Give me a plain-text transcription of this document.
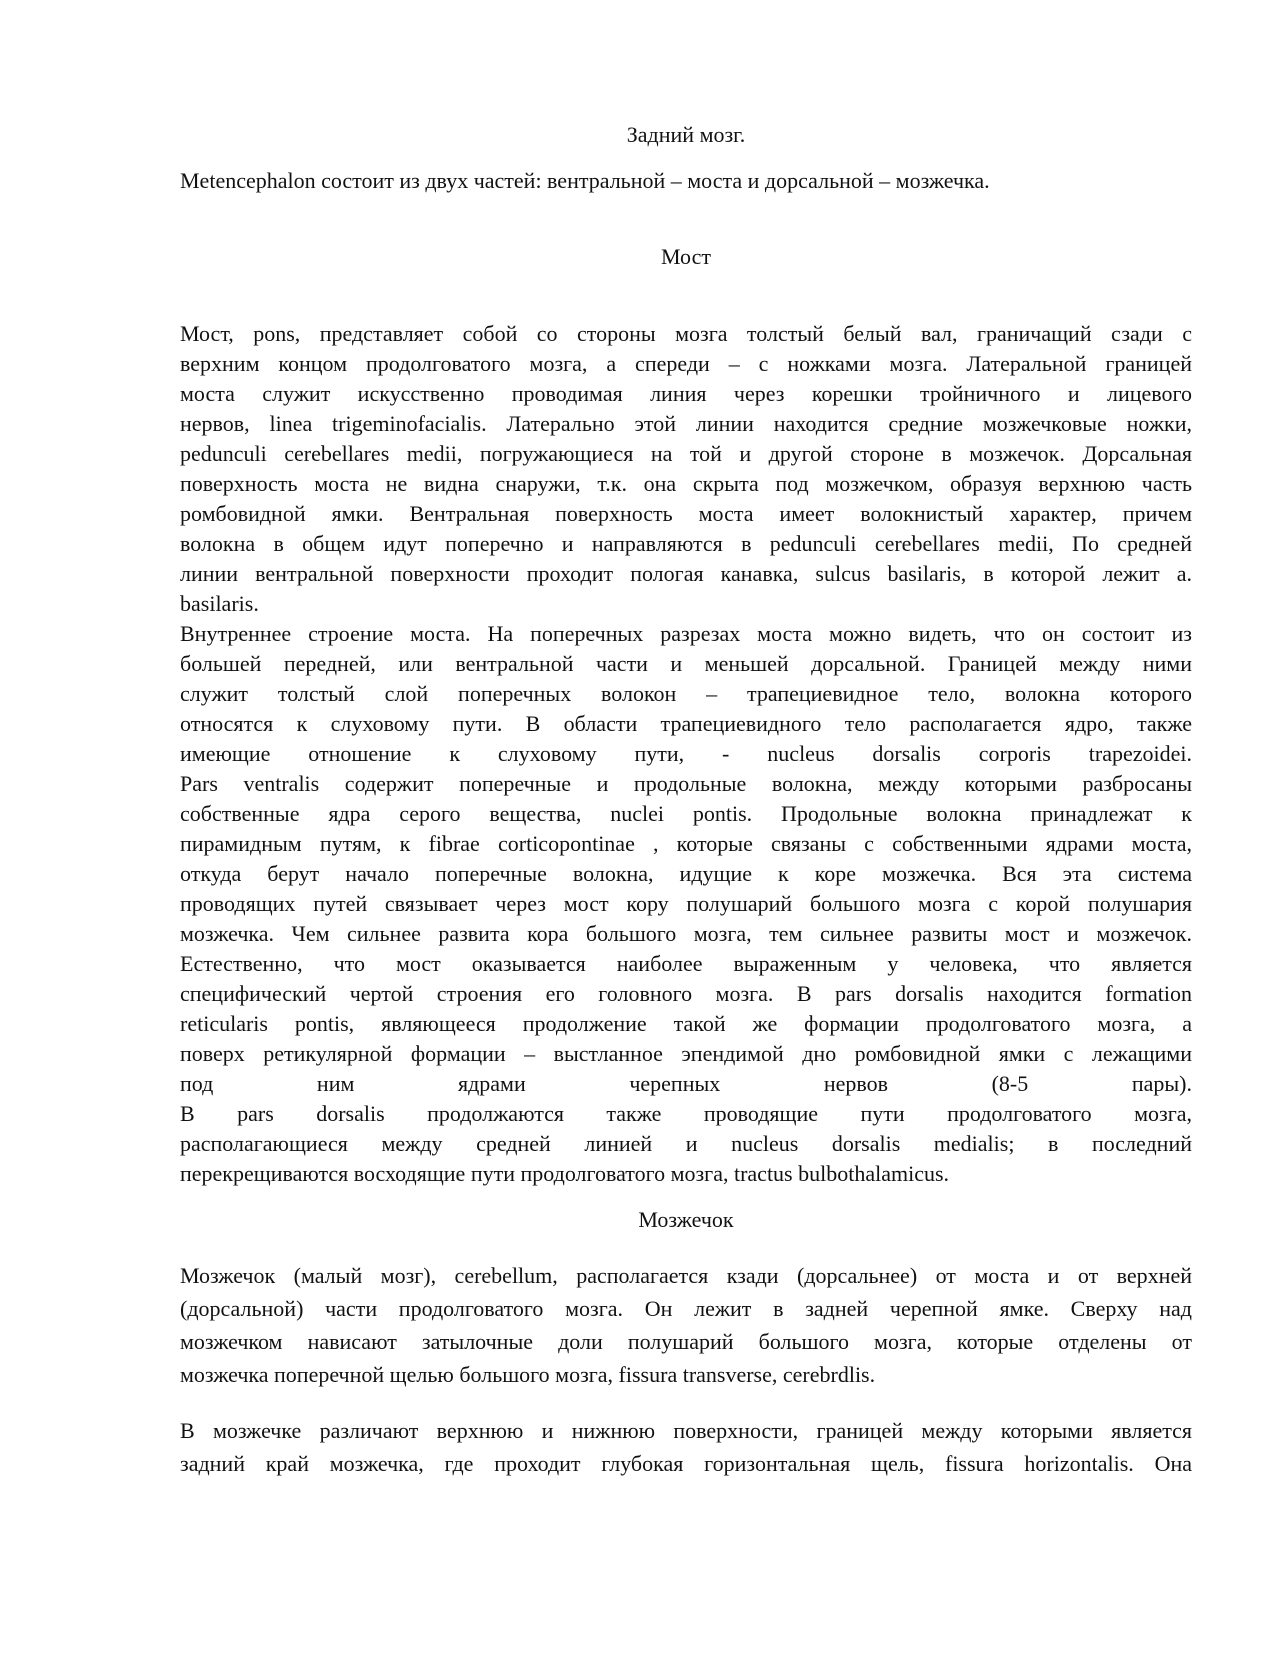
Задний мозг.
Metencephalon состоит из двух частей: вентральной – моста и дорсальной – мозжечка.
Мост
Мост, pons, представляет собой со стороны мозга толстый белый вал, граничащий сзади с
верхним концом продолговатого мозга, а спереди – с ножками мозга. Латеральной границей
моста служит искусственно проводимая линия через корешки тройничного и лицевого
нервов, linea trigeminofacialis. Латерально этой линии находится средние мозжечковые ножки,
pedunculi cerebellares medii, погружающиеся на той и другой стороне в мозжечок. Дорсальная
поверхность моста не видна снаружи, т.к. она скрыта под мозжечком, образуя верхнюю часть
ромбовидной ямки. Вентральная поверхность моста имеет волокнистый характер, причем
волокна в общем идут поперечно и направляются в pedunculi cerebellares medii, По средней
линии вентральной поверхности проходит пологая канавка, sulcus basilaris, в которой лежит a.
basilaris.
Внутреннее строение моста. На поперечных разрезах моста можно видеть, что он состоит из
большей передней, или вентральной части и меньшей дорсальной. Границей между ними
служит толстый слой поперечных волокон – трапециевидное тело, волокна которого
относятся к слуховому пути. В области трапециевидного тело располагается ядро, также
имеющие отношение к слуховому пути, - nucleus dorsalis corporis trapezoidei.
Pars ventralis содержит поперечные и продольные волокна, между которыми разбросаны
собственные ядра серого вещества, nuclei pontis. Продольные волокна принадлежат к
пирамидным путям, к fibrae corticopontinae , которые связаны с собственными ядрами моста,
откуда берут начало поперечные волокна, идущие к коре мозжечка. Вся эта система
проводящих путей связывает через мост кору полушарий большого мозга с корой полушария
мозжечка. Чем сильнее развита кора большого мозга, тем сильнее развиты мост и мозжечок.
Естественно, что мост оказывается наиболее выраженным у человека, что является
специфический чертой строения его головного мозга. В pars dorsalis находится formation
reticularis pontis, являющееся продолжение такой же формации продолговатого мозга, а
поверх ретикулярной формации – выстланное эпендимой дно ромбовидной ямки с лежащими
под ним ядрами черепных нервов (8-5 пары).
В pars dorsalis продолжаются также проводящие пути продолговатого мозга,
располагающиеся между средней линией и nucleus dorsalis medialis; в последний
перекрещиваются восходящие пути продолговатого мозга, tractus bulbothalamicus.
Мозжечок
Мозжечок (малый мозг), cerebellum, располагается кзади (дорсальнее) от моста и от верхней
(дорсальной) части продолговатого мозга. Он лежит в задней черепной ямке. Сверху над
мозжечком нависают затылочные доли полушарий большого мозга, которые отделены от
мозжечка поперечной щелью большого мозга, fissura transverse, cerebrdlis.
В мозжечке различают верхнюю и нижнюю поверхности, границей между которыми является
задний край мозжечка, где проходит глубокая горизонтальная щель, fissura horizontalis. Она
